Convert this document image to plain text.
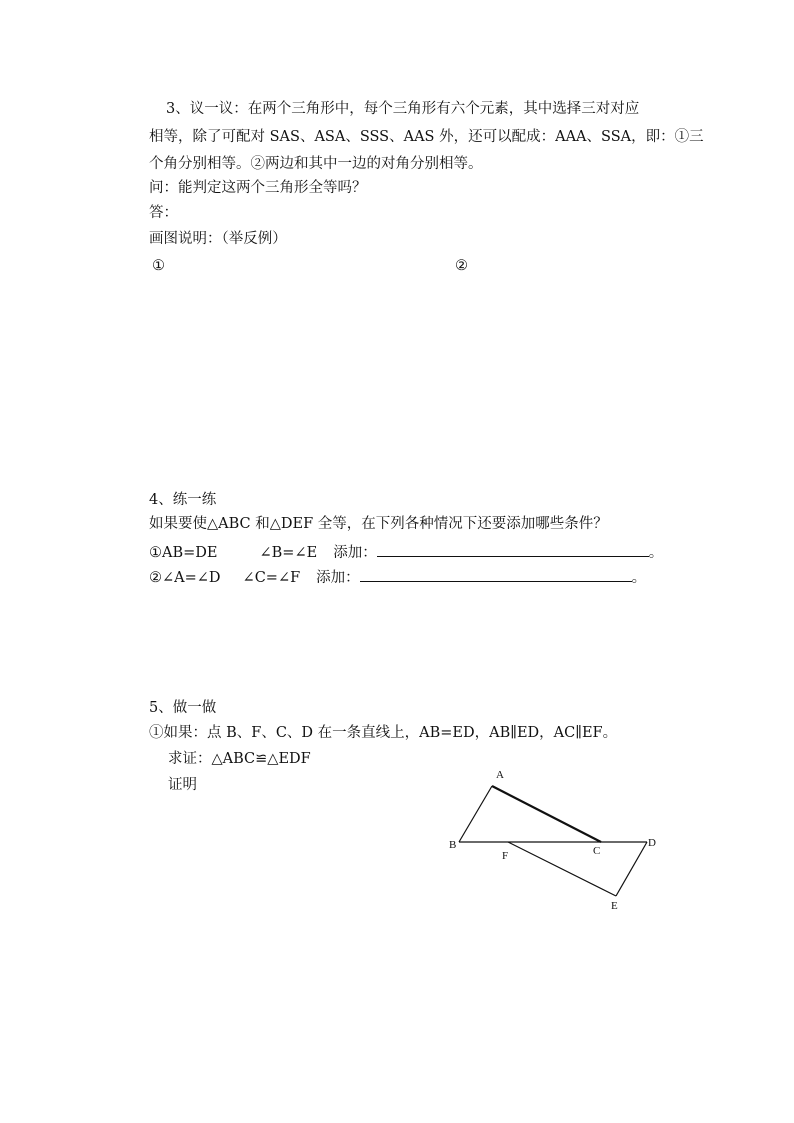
3、议一议：在两个三角形中，每个三角形有六个元素，其中选择三对对应
相等，除了可配对 SAS、ASA、SSS、AAS 外，还可以配成：AAA、SSA，即：①三
个角分别相等。②两边和其中一边的对角分别相等。
问：能判定这两个三角形全等吗？
答：
画图说明：（举反例）
①	②
4、练一练
如果要使△ABC 和△DEF 全等，在下列各种情况下还要添加哪些条件？
①AB=DE	∠B=∠E 添加：	。
②∠A=∠D ∠C=∠F 添加：	。
5、做一做
①如果：点 B、F、C、D 在一条直线上，AB=ED，AB∥ED，AC∥EF。
求证：△ABC≌△EDF
证明
A
B	C
D
E
F
